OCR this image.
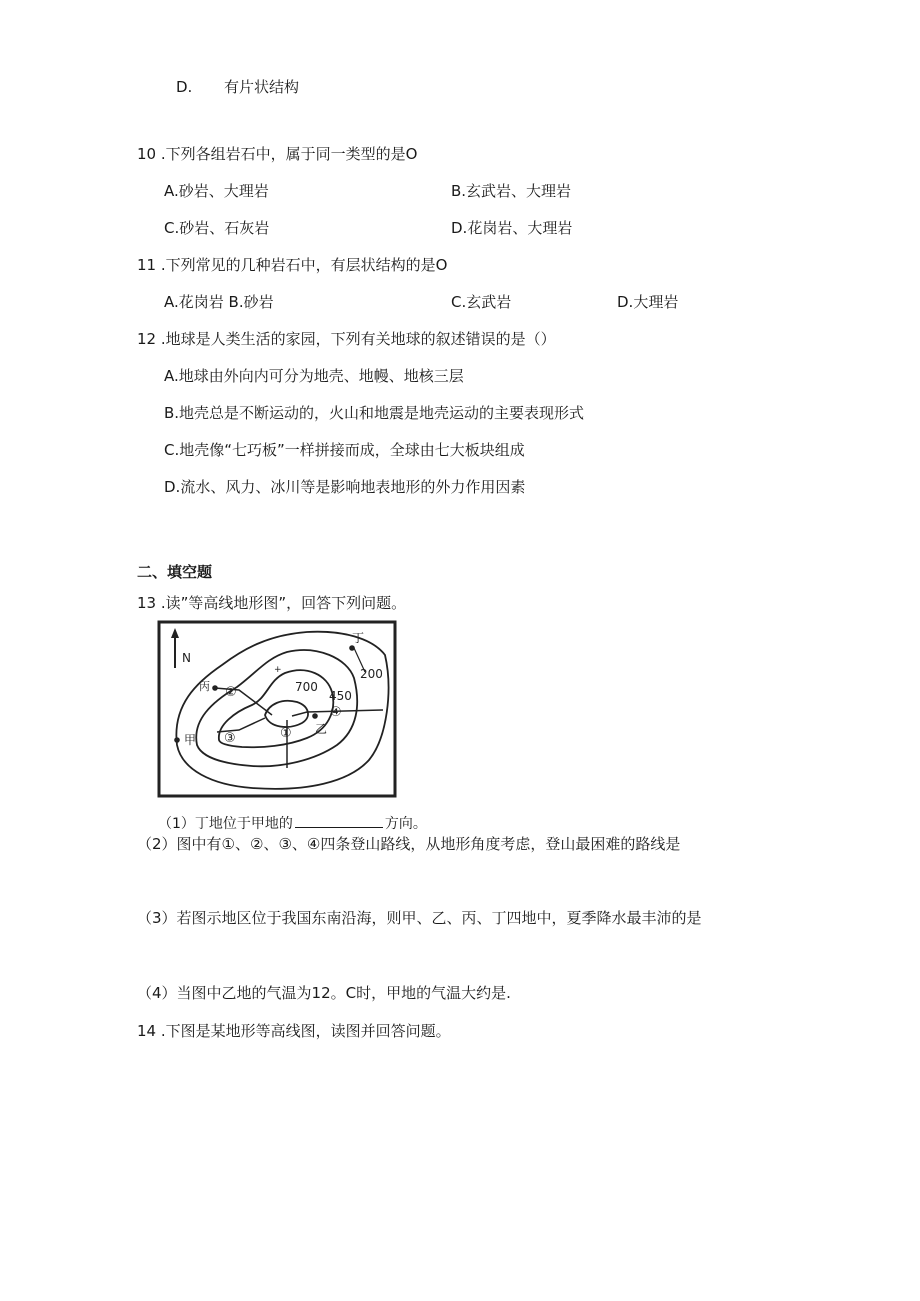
D. 有片状结构
10 .下列各组岩石中，属于同一类型的是O
A.砂岩、大理岩	B.玄武岩、大理岩
C.砂岩、石灰岩	D.花岗岩、大理岩
11 .下列常见的几种岩石中，有层状结构的是O
A.花岗岩 B.砂岩	C.玄武岩	D.大理岩
12 .地球是人类生活的家园，下列有关地球的叙述错误的是（）
A.地球由外向内可分为地壳、地幔、地核三层
B.地壳总是不断运动的，火山和地震是地壳运动的主要表现形式
C.地壳像“七巧板”一样拼接而成，全球由七大板块组成
D.流水、风力、冰川等是影响地表地形的外力作用因素
二、填空题
13 .读”等高线地形图”，回答下列问题。
N
700
450
200
+
丁
丙
乙
甲	①
②
③
④
（1）丁地位于甲地的	方向。
（2）图中有①、②、③、④四条登山路线，从地形角度考虑，登山最困难的路线是
（3）若图示地区位于我国东南沿海，则甲、乙、丙、丁四地中，夏季降水最丰沛的是
（4）当图中乙地的气温为12。C时，甲地的气温大约是.
14 .下图是某地形等高线图，读图并回答问题。
